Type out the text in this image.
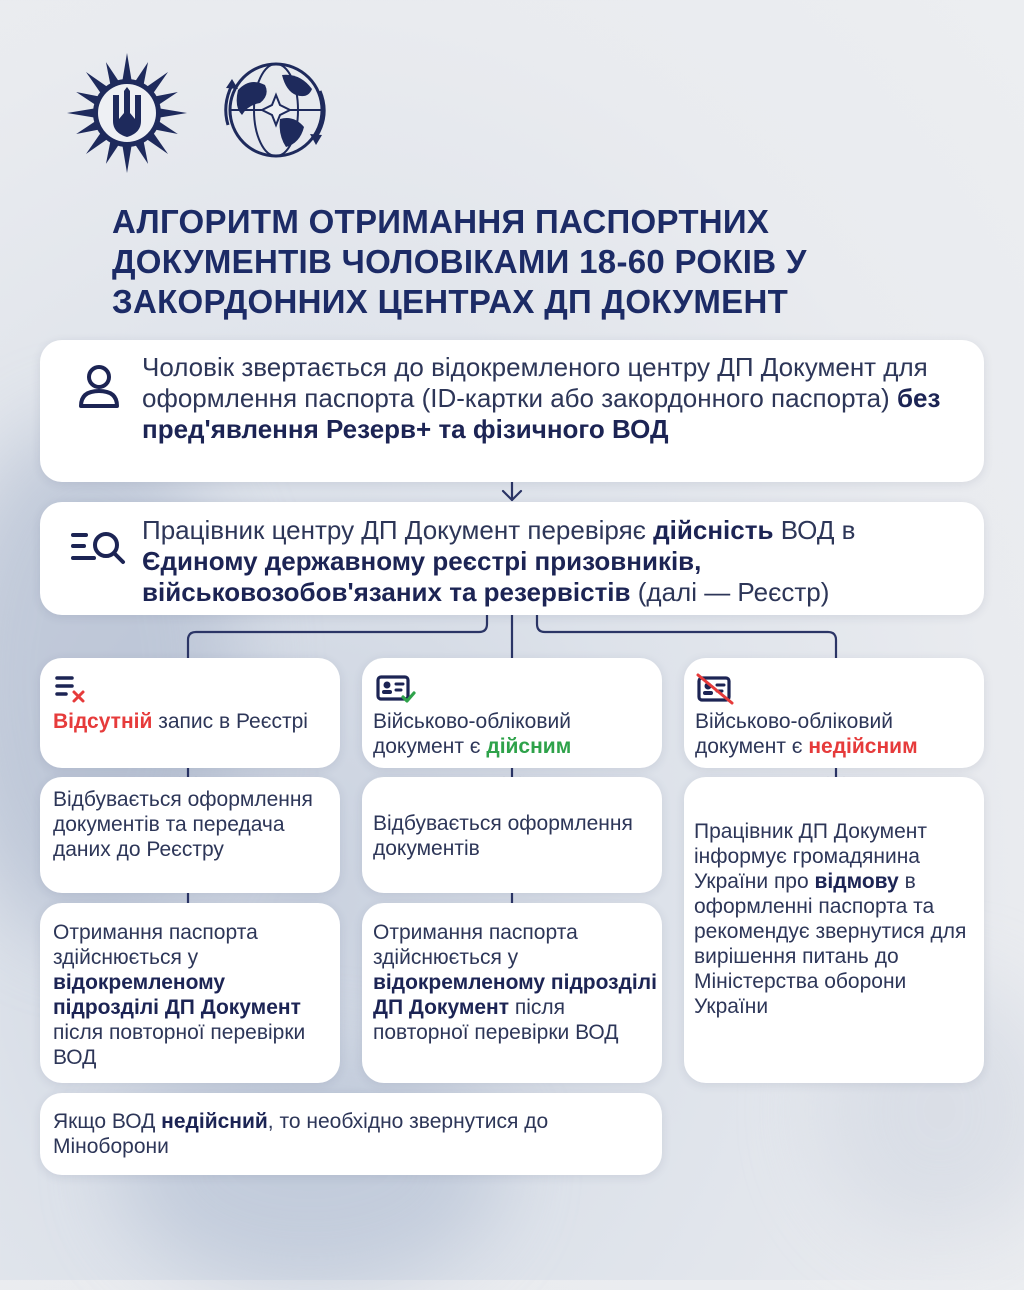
АЛГОРИТМ ОТРИМАННЯ ПАСПОРТНИХ ДОКУМЕНТІВ ЧОЛОВІКАМИ 18-60 РОКІВ У ЗАКОРДОННИХ ЦЕНТРАХ ДП ДОКУМЕНТ
Чоловік звертається до відокремленого центру ДП Документ для оформлення паспорта (ID-картки або закордонного паспорта) без пред'явлення Резерв+ та фізичного ВОД
Працівник центру ДП Документ перевіряє дійсність ВОД в Єдиному державному реєстрі призовників, військовозобов'язаних та резервістів (далі — Реєстр)
Відсутній запис в Реєстрі	Військово-обліковий документ є дійсним
Військово-обліковий документ є недійсним
Відбувається оформлення документів та передача даних до Реєстру
Відбувається оформлення документів
Працівник ДП Документ інформує громадянина України про відмову в оформленні паспорта та рекомендує звернутися для вирішення питань до Міністерства оборони України
Отримання паспорта здійснюється у відокремленому підрозділі ДП Документ після повторної перевірки ВОД
Отримання паспорта здійснюється у відокремленому підрозділі ДП Документ після повторної перевірки ВОД
Якщо ВОД недійсний, то необхідно звернутися до Міноборони
